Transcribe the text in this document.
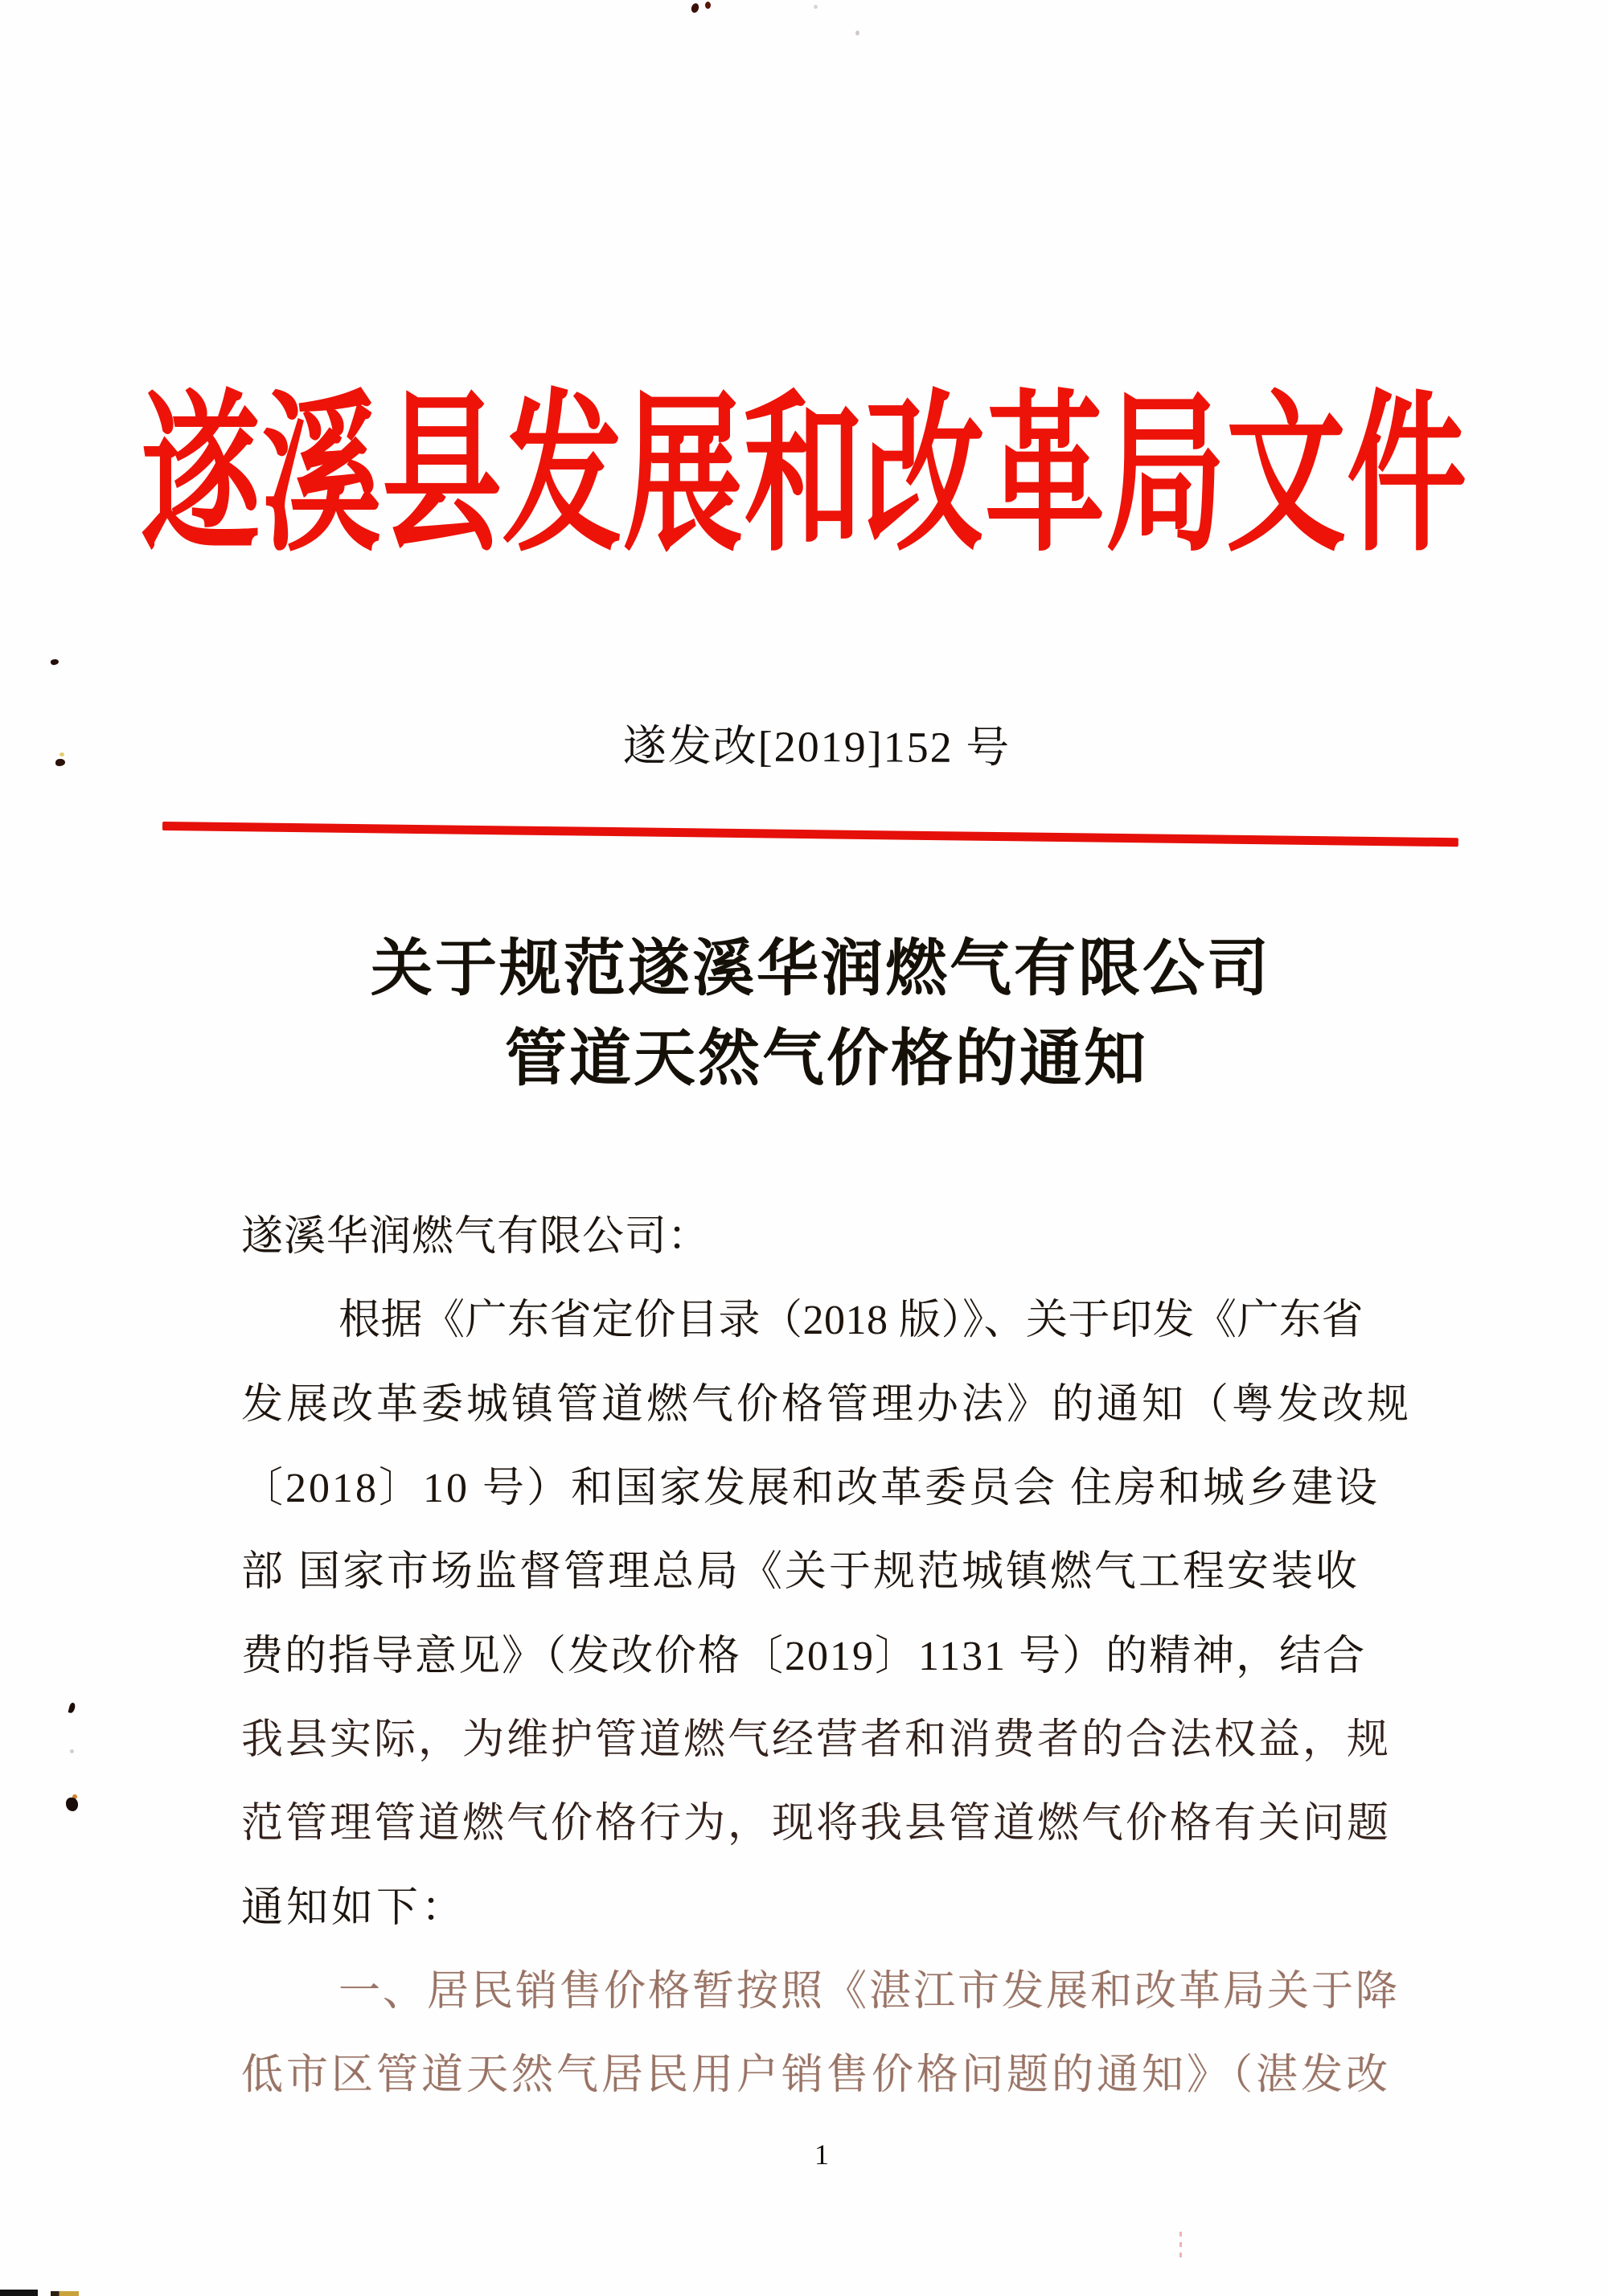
遂溪县发展和改革局文件
遂发改[2019]152 号
关于规范遂溪华润燃气有限公司
管道天然气价格的通知
遂溪华润燃气有限公司：
根据《广东省定价目录（2018 版）》、关于印发《广东省
发展改革委城镇管道燃气价格管理办法》的通知（粤发改规
〔2018〕10 号）和国家发展和改革委员会 住房和城乡建设
部 国家市场监督管理总局《关于规范城镇燃气工程安装收
费的指导意见》（发改价格〔2019〕1131 号）的精神，结合
我县实际，为维护管道燃气经营者和消费者的合法权益，规
范管理管道燃气价格行为，现将我县管道燃气价格有关问题
通知如下：
一、居民销售价格暂按照《湛江市发展和改革局关于降
低市区管道天然气居民用户销售价格问题的通知》（湛发改
1
